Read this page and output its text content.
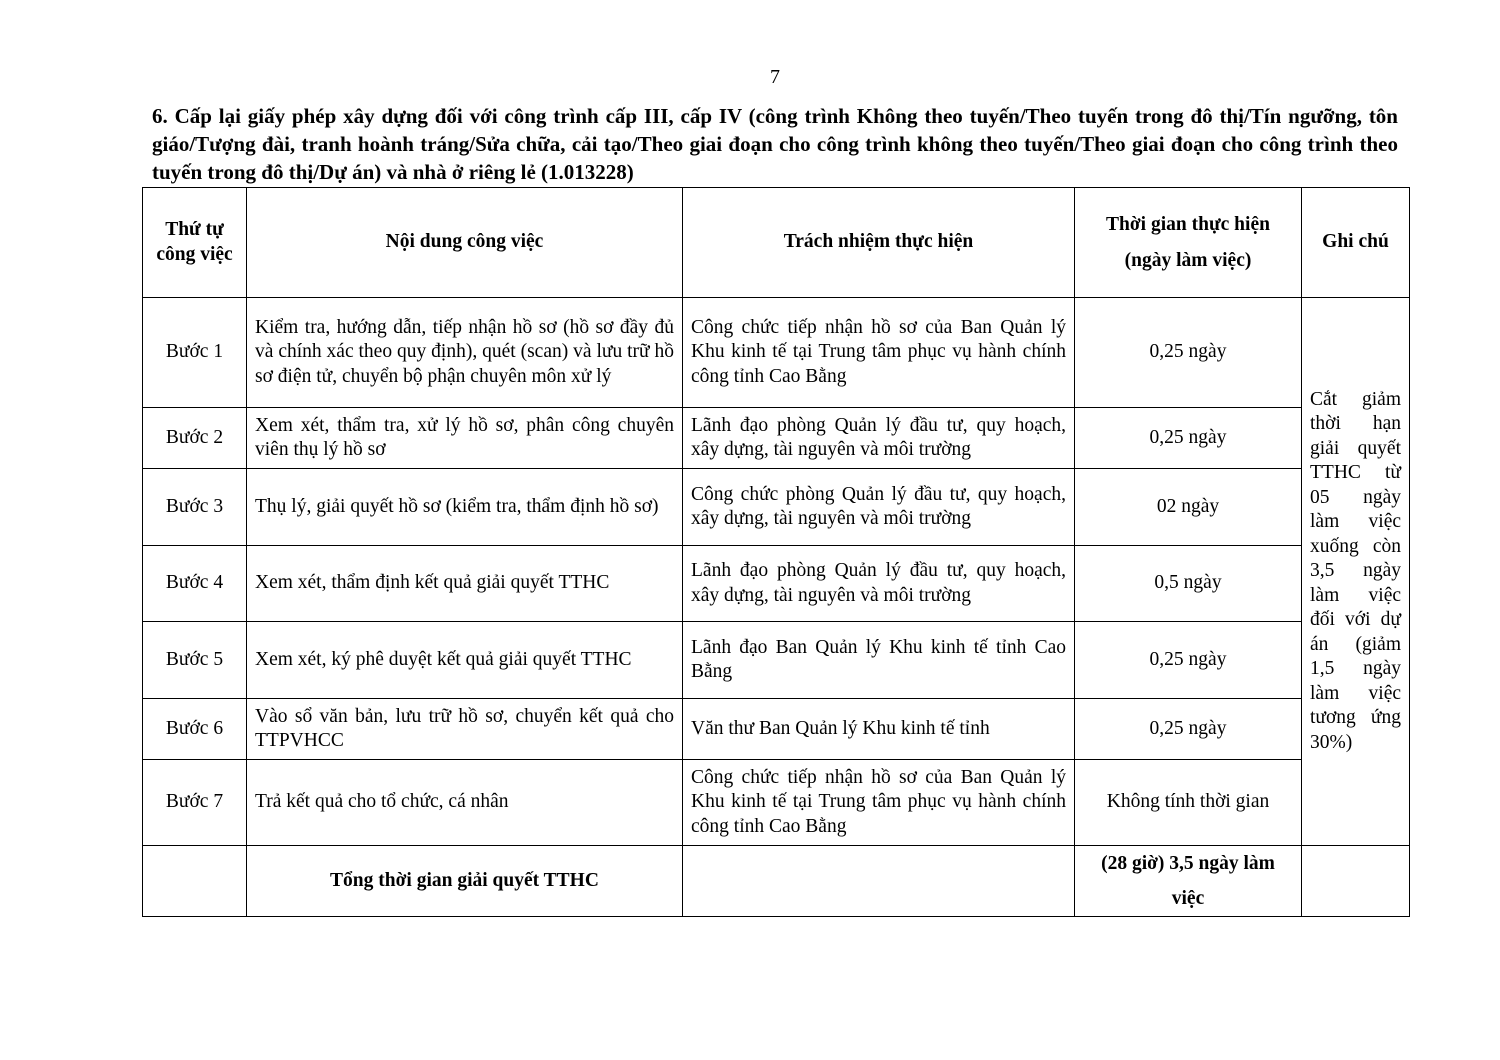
7
6. Cấp lại giấy phép xây dựng đối với công trình cấp III, cấp IV (công trình Không theo tuyến/Theo tuyến trong đô thị/Tín ngưỡng, tôn giáo/Tượng đài, tranh hoành tráng/Sửa chữa, cải tạo/Theo giai đoạn cho công trình không theo tuyến/Theo giai đoạn cho công trình theo tuyến trong đô thị/Dự án) và nhà ở riêng lẻ (1.013228)
Thứ tự công việc	Nội dung công việc	Trách nhiệm thực hiện	Thời gian thực hiện (ngày làm việc)	Ghi chú
Bước 1	Kiểm tra, hướng dẫn, tiếp nhận hồ sơ (hồ sơ đầy đủ và chính xác theo quy định), quét (scan) và lưu trữ hồ sơ điện tử, chuyển bộ phận chuyên môn xử lý	Công chức tiếp nhận hồ sơ của Ban Quản lý Khu kinh tế tại Trung tâm phục vụ hành chính công tỉnh Cao Bằng	0,25 ngày	Cắt giảm thời hạn giải quyết TTHC từ 05 ngày làm việc xuống còn 3,5 ngày làm việc đối với dự án (giảm 1,5 ngày làm việc tương ứng 30%)
Bước 2	Xem xét, thẩm tra, xử lý hồ sơ, phân công chuyên viên thụ lý hồ sơ	Lãnh đạo phòng Quản lý đầu tư, quy hoạch, xây dựng, tài nguyên và môi trường	0,25 ngày	
Bước 3	Thụ lý, giải quyết hồ sơ (kiểm tra, thẩm định hồ sơ)	Công chức phòng Quản lý đầu tư, quy hoạch, xây dựng, tài nguyên và môi trường	02 ngày	
Bước 4	Xem xét, thẩm định kết quả giải quyết TTHC	Lãnh đạo phòng Quản lý đầu tư, quy hoạch, xây dựng, tài nguyên và môi trường	0,5 ngày	
Bước 5	Xem xét, ký phê duyệt kết quả giải quyết TTHC	Lãnh đạo Ban Quản lý Khu kinh tế tỉnh Cao Bằng	0,25 ngày	
Bước 6	Vào sổ văn bản, lưu trữ hồ sơ, chuyển kết quả cho TTPVHCC	Văn thư Ban Quản lý Khu kinh tế tỉnh	0,25 ngày	
Bước 7	Trả kết quả cho tổ chức, cá nhân	Công chức tiếp nhận hồ sơ của Ban Quản lý Khu kinh tế tại Trung tâm phục vụ hành chính công tỉnh Cao Bằng	Không tính thời gian	
	Tổng thời gian giải quyết TTHC		(28 giờ) 3,5 ngày làm việc	
